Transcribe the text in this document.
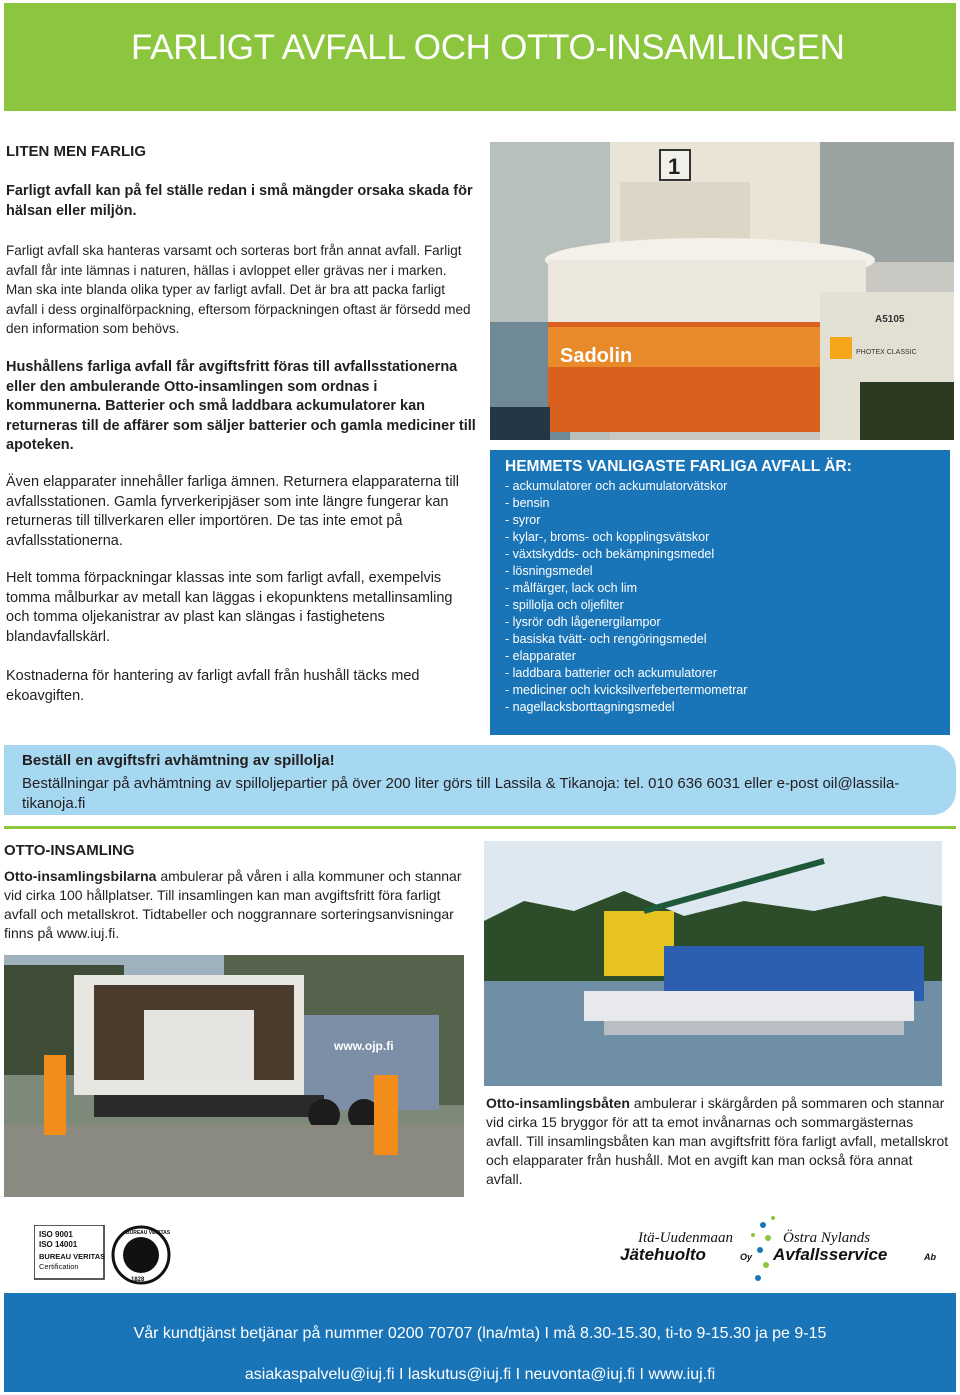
FARLIGT AVFALL OCH OTTO-INSAMLINGEN

LITEN MEN FARLIG

Farligt avfall kan på fel ställe redan i små mängder orsaka skada för hälsan eller miljön.

Farligt avfall ska hanteras varsamt och sorteras bort från annat avfall. Farligt avfall får inte lämnas i naturen, hällas i avloppet eller grävas ner i marken. Man ska inte blanda olika typer av farligt avfall. Det är bra att packa farligt avfall i dess orginalförpackning, eftersom förpackningen oftast är försedd med den information som behövs.

Hushållens farliga avfall får avgiftsfritt föras till avfallsstationerna eller den ambulerande Otto-insamlingen som ordnas i kommunerna. Batterier och små laddbara ackumulatorer kan returneras till de affärer som säljer batterier och gamla mediciner till apoteken.

Även elapparater innehåller farliga ämnen. Returnera elapparaterna till avfallsstationen. Gamla fyrverkeripjäser som inte längre fungerar kan returneras till tillverkaren eller importören. De tas inte emot på avfallsstationerna.

Helt tomma förpackningar klassas inte som farligt avfall, exempelvis tomma målburkar av metall kan läggas i ekopunktens metallinsamling och tomma oljekanistrar av plast kan slängas i fastighetens blandavfallskärl.

Kostnaderna för hantering av farligt avfall från hushåll täcks med ekoavgiften.

1
Sadolin
A5105
PHOTEX CLASSIC
HEMMETS VANLIGASTE FARLIGA AVFALL ÄR:
- ackumulatorer och ackumulatorvätskor
- bensin
- syror
- kylar-, broms- och kopplingsvätskor
- växtskydds- och bekämpningsmedel
- lösningsmedel
- målfärger, lack och lim
- spillolja och oljefilter
- lysrör odh lågenergilampor
- basiska tvätt- och rengöringsmedel
- elapparater
- laddbara batterier och ackumulatorer
- mediciner och kvicksilverfebertermometrar
- nagellacksborttagningsmedel

Beställ en avgiftsfri avhämtning av spillolja!

Beställningar på avhämtning av spilloljepartier på över 200 liter görs till Lassila & Tikanoja: tel. 010 636 6031 eller e-post oil@lassila-tikanoja.fi

OTTO-INSAMLING

Otto-insamlingsbilarna ambulerar på våren i alla kommuner och stannar vid cirka 100 hållplatser. Till insamlingen kan man avgiftsfritt föra farligt avfall och metallskrot. Tidtabeller och noggrannare sorteringsanvisningar finns på www.iuj.fi.

www.ojp.fi

Otto-insamlingsbåten ambulerar i skärgården på sommaren och stannar vid cirka 15 bryggor för att ta emot invånarnas och sommargästernas avfall. Till insamlingsbåten kan man avgiftsfritt föra farligt avfall, metallskrot och elapparater från hushåll. Mot en avgift kan man också föra annat avfall.

ISO 9001
ISO 14001
BUREAU VERITAS
Certification
BUREAU VERITAS
1828
Itä-Uudenmaan
Jätehuolto	Oy
Östra Nylands
Avfallsservice	Ab

Vår kundtjänst betjänar på nummer 0200 70707 (lna/mta) I må 8.30-15.30, ti-to 9-15.30 ja pe 9-15

asiakaspalvelu@iuj.fi I laskutus@iuj.fi I neuvonta@iuj.fi I www.iuj.fi
